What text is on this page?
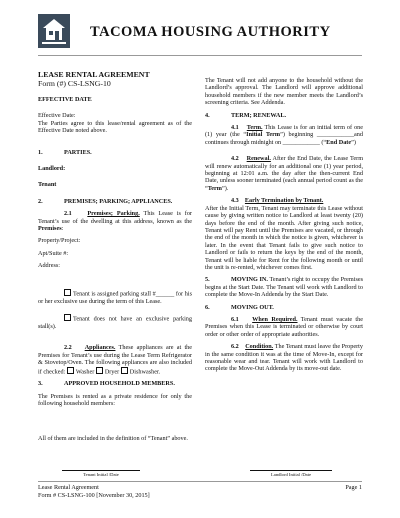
TACOMA HOUSING AUTHORITY
LEASE RENTAL AGREEMENT
Form (#) CS-LSNG-10

EFFECTIVE DATE

Effective Date:

The Parties agree to this lease/rental agreement as of the Effective Date noted above.

1.	PARTIES.

Landlord:

Tenant

2.	PREMISES; PARKING; APPLIANCES.

2.1	Premises; Parking. This Lease is for Tenant’s use of the dwelling at this address, known as the Premises:

Property/Project:

Apt/Suite #:

Address:

Tenant is assigned parking stall #______ for his or her exclusive use during the term of this Lease.

Tenant does not have an exclusive parking stall(s).

2.2 Appliances. These appliances are at the Premises for Tenant’s use during the Lease Term Refrigerator & Stovetop/Oven. The following appliances are also included if checked: Washer Dryer Dishwasher.

3.	APPROVED HOUSEHOLD MEMBERS.

The Premises is rented as a private residence for only the following household members:

All of them are included in the definition of “Tenant” above.

The Tenant will not add anyone to the household without the Landlord’s approval. The Landlord will approve additional household members if the new member meets the Landlord’s screening criteria. See Addenda.

4.	TERM; RENEWAL.

4.1 Term. This Lease is for an initial term of one (1) year (the “Initial Term”) beginning ____________and continues through midnight on ____________ (“End Date”)

4.2 Renewal. After the End Date, the Lease Term will renew automatically for an additional one (1) year period, beginning at 12:01 a.m. the day after the then-current End Date, unless sooner terminated (each annual period count as the “Term”).

4.3 Early Termination by Tenant.

After the Initial Term, Tenant may terminate this Lease without cause by giving written notice to Landlord at least twenty (20) days before the end of the month. After giving such notice, Tenant will pay Rent until the Premises are vacated, or through the end of the month in which the notice is given, whichever is later. In the event that Tenant fails to give such notice to Landlord or fails to return the keys by the end of the month, Tenant will be liable for Rent for the following month or until the unit is re-rented, whichever comes first.

5.	MOVING IN. Tenant’s right to occupy the Premises begins at the Start Date. The Tenant will work with Landlord to complete the Move-In Addenda by the Start Date.

6.	MOVING OUT.

6.1 When Required. Tenant must vacate the Premises when this Lease is terminated or otherwise by court order or other order of appropriate authorities.

6.2 Condition. The Tenant must leave the Property in the same condition it was at the time of Move-In, except for reasonable wear and tear. Tenant will work with Landlord to complete the Move-Out Addenda by its move-out date.

Tenant Initial /Date	Landlord Initial /Date
Lease Rental Agreement
Form # CS-LSNG-100 [November 30, 2015]
Page 1
